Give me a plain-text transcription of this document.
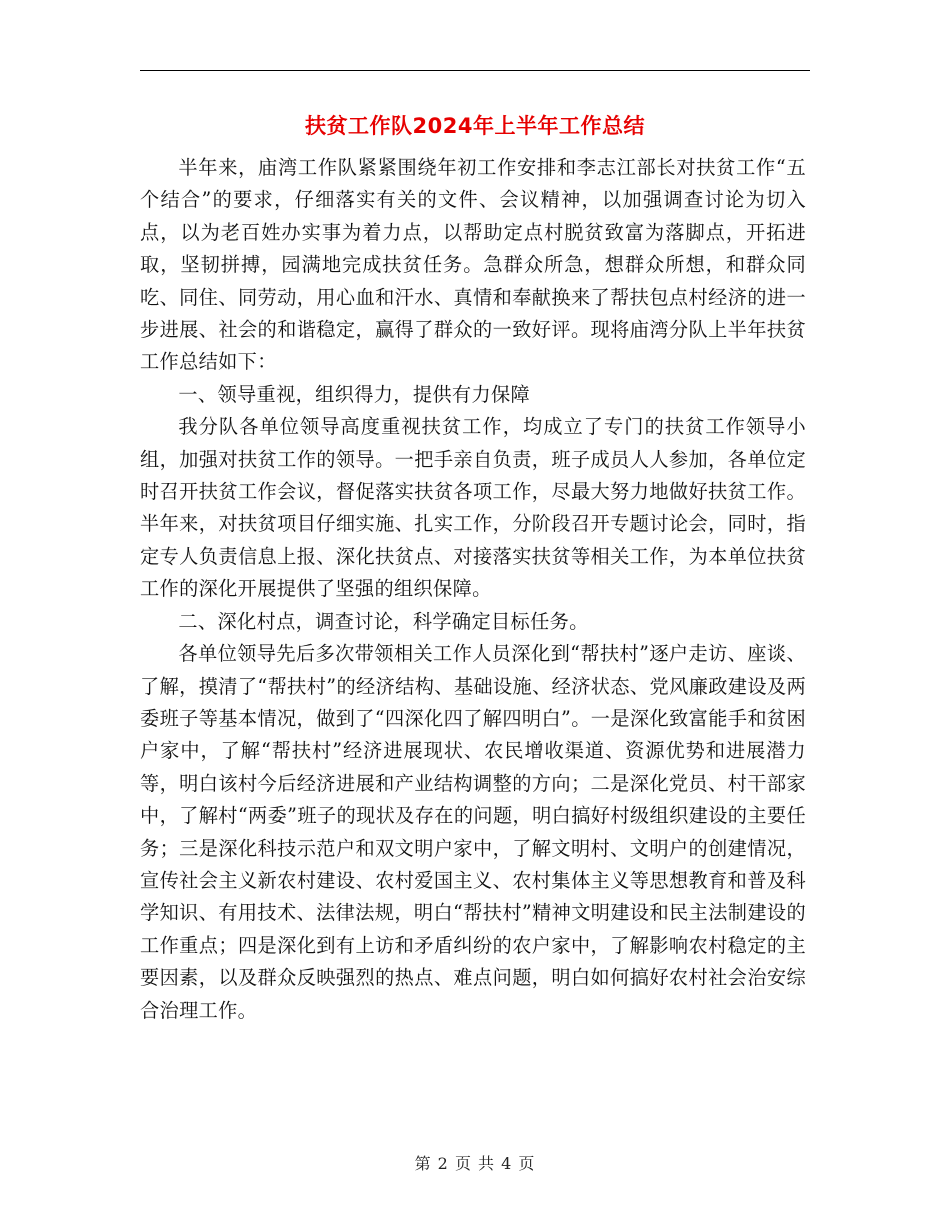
扶贫工作队2024年上半年工作总结

半年来，庙湾工作队紧紧围绕年初工作安排和李志江部长对扶贫工作“五个结合”的要求，仔细落实有关的文件、会议精神，以加强调查讨论为切入点，以为老百姓办实事为着力点，以帮助定点村脱贫致富为落脚点，开拓进取，坚韧拼搏，园满地完成扶贫任务。急群众所急，想群众所想，和群众同吃、同住、同劳动，用心血和汗水、真情和奉献换来了帮扶包点村经济的进一步进展、社会的和谐稳定，赢得了群众的一致好评。现将庙湾分队上半年扶贫工作总结如下：

一、领导重视，组织得力，提供有力保障

我分队各单位领导高度重视扶贫工作，均成立了专门的扶贫工作领导小组，加强对扶贫工作的领导。一把手亲自负责，班子成员人人参加，各单位定时召开扶贫工作会议，督促落实扶贫各项工作，尽最大努力地做好扶贫工作。半年来，对扶贫项目仔细实施、扎实工作，分阶段召开专题讨论会，同时，指定专人负责信息上报、深化扶贫点、对接落实扶贫等相关工作，为本单位扶贫工作的深化开展提供了坚强的组织保障。

二、深化村点，调查讨论，科学确定目标任务。

各单位领导先后多次带领相关工作人员深化到“帮扶村”逐户走访、座谈、了解，摸清了“帮扶村”的经济结构、基础设施、经济状态、党风廉政建设及两委班子等基本情况，做到了“四深化四了解四明白”。一是深化致富能手和贫困户家中，了解“帮扶村”经济进展现状、农民增收渠道、资源优势和进展潜力等，明白该村今后经济进展和产业结构调整的方向；二是深化党员、村干部家中，了解村“两委”班子的现状及存在的问题，明白搞好村级组织建设的主要任务；三是深化科技示范户和双文明户家中，了解文明村、文明户的创建情况，宣传社会主义新农村建设、农村爱国主义、农村集体主义等思想教育和普及科学知识、有用技术、法律法规，明白“帮扶村”精神文明建设和民主法制建设的工作重点；四是深化到有上访和矛盾纠纷的农户家中，了解影响农村稳定的主要因素，以及群众反映强烈的热点、难点问题，明白如何搞好农村社会治安综合治理工作。

第 2 页 共 4 页
